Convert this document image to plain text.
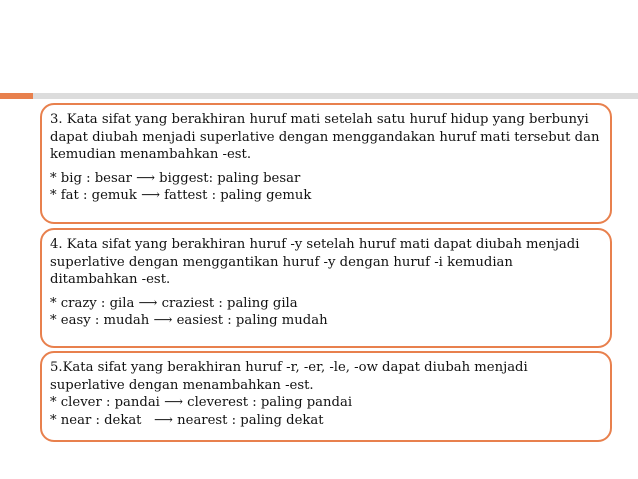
3. Kata sifat yang berakhiran huruf mati setelah satu huruf hidup yang berbunyi dapat diubah menjadi superlative dengan menggandakan huruf mati tersebut dan kemudian menambahkan -est.

* big : besar ⟶ biggest: paling besar

* fat : gemuk ⟶ fattest : paling gemuk

4. Kata sifat yang berakhiran huruf -y setelah huruf mati dapat diubah menjadi superlative dengan menggantikan huruf -y dengan huruf -i kemudian ditambahkan -est.

* crazy : gila ⟶ craziest : paling gila

* easy : mudah ⟶ easiest : paling mudah

5.Kata sifat yang berakhiran huruf -r, -er, -le, -ow dapat diubah menjadi superlative dengan menambahkan -est.

* clever : pandai ⟶ cleverest : paling pandai

* near : dekat   ⟶ nearest : paling dekat
